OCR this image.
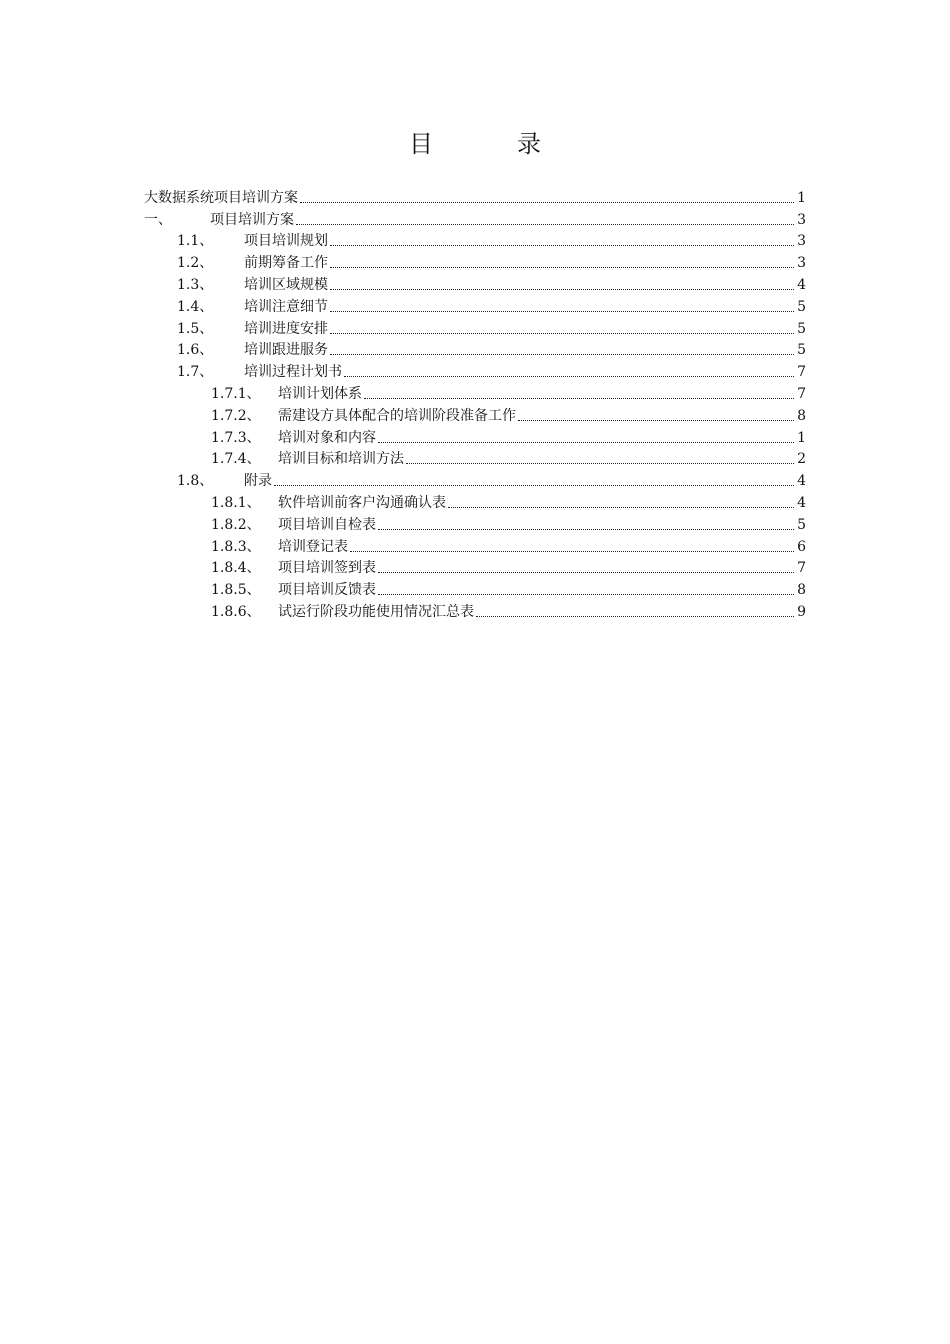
目　录
大数据系统项目培训方案	1
一、	项目培训方案	3
1.1、	项目培训规划	3
1.2、	前期筹备工作	3
1.3、	培训区域规模	4
1.4、	培训注意细节	5
1.5、	培训进度安排	5
1.6、	培训跟进服务	5
1.7、	培训过程计划书	7
1.7.1、	培训计划体系	7
1.7.2、	需建设方具体配合的培训阶段准备工作	8
1.7.3、	培训对象和内容	1
1.7.4、	培训目标和培训方法	2
1.8、	附录	4
1.8.1、	软件培训前客户沟通确认表	4
1.8.2、	项目培训自检表	5
1.8.3、	培训登记表	6
1.8.4、	项目培训签到表	7
1.8.5、	项目培训反馈表	8
1.8.6、	试运行阶段功能使用情况汇总表	9
